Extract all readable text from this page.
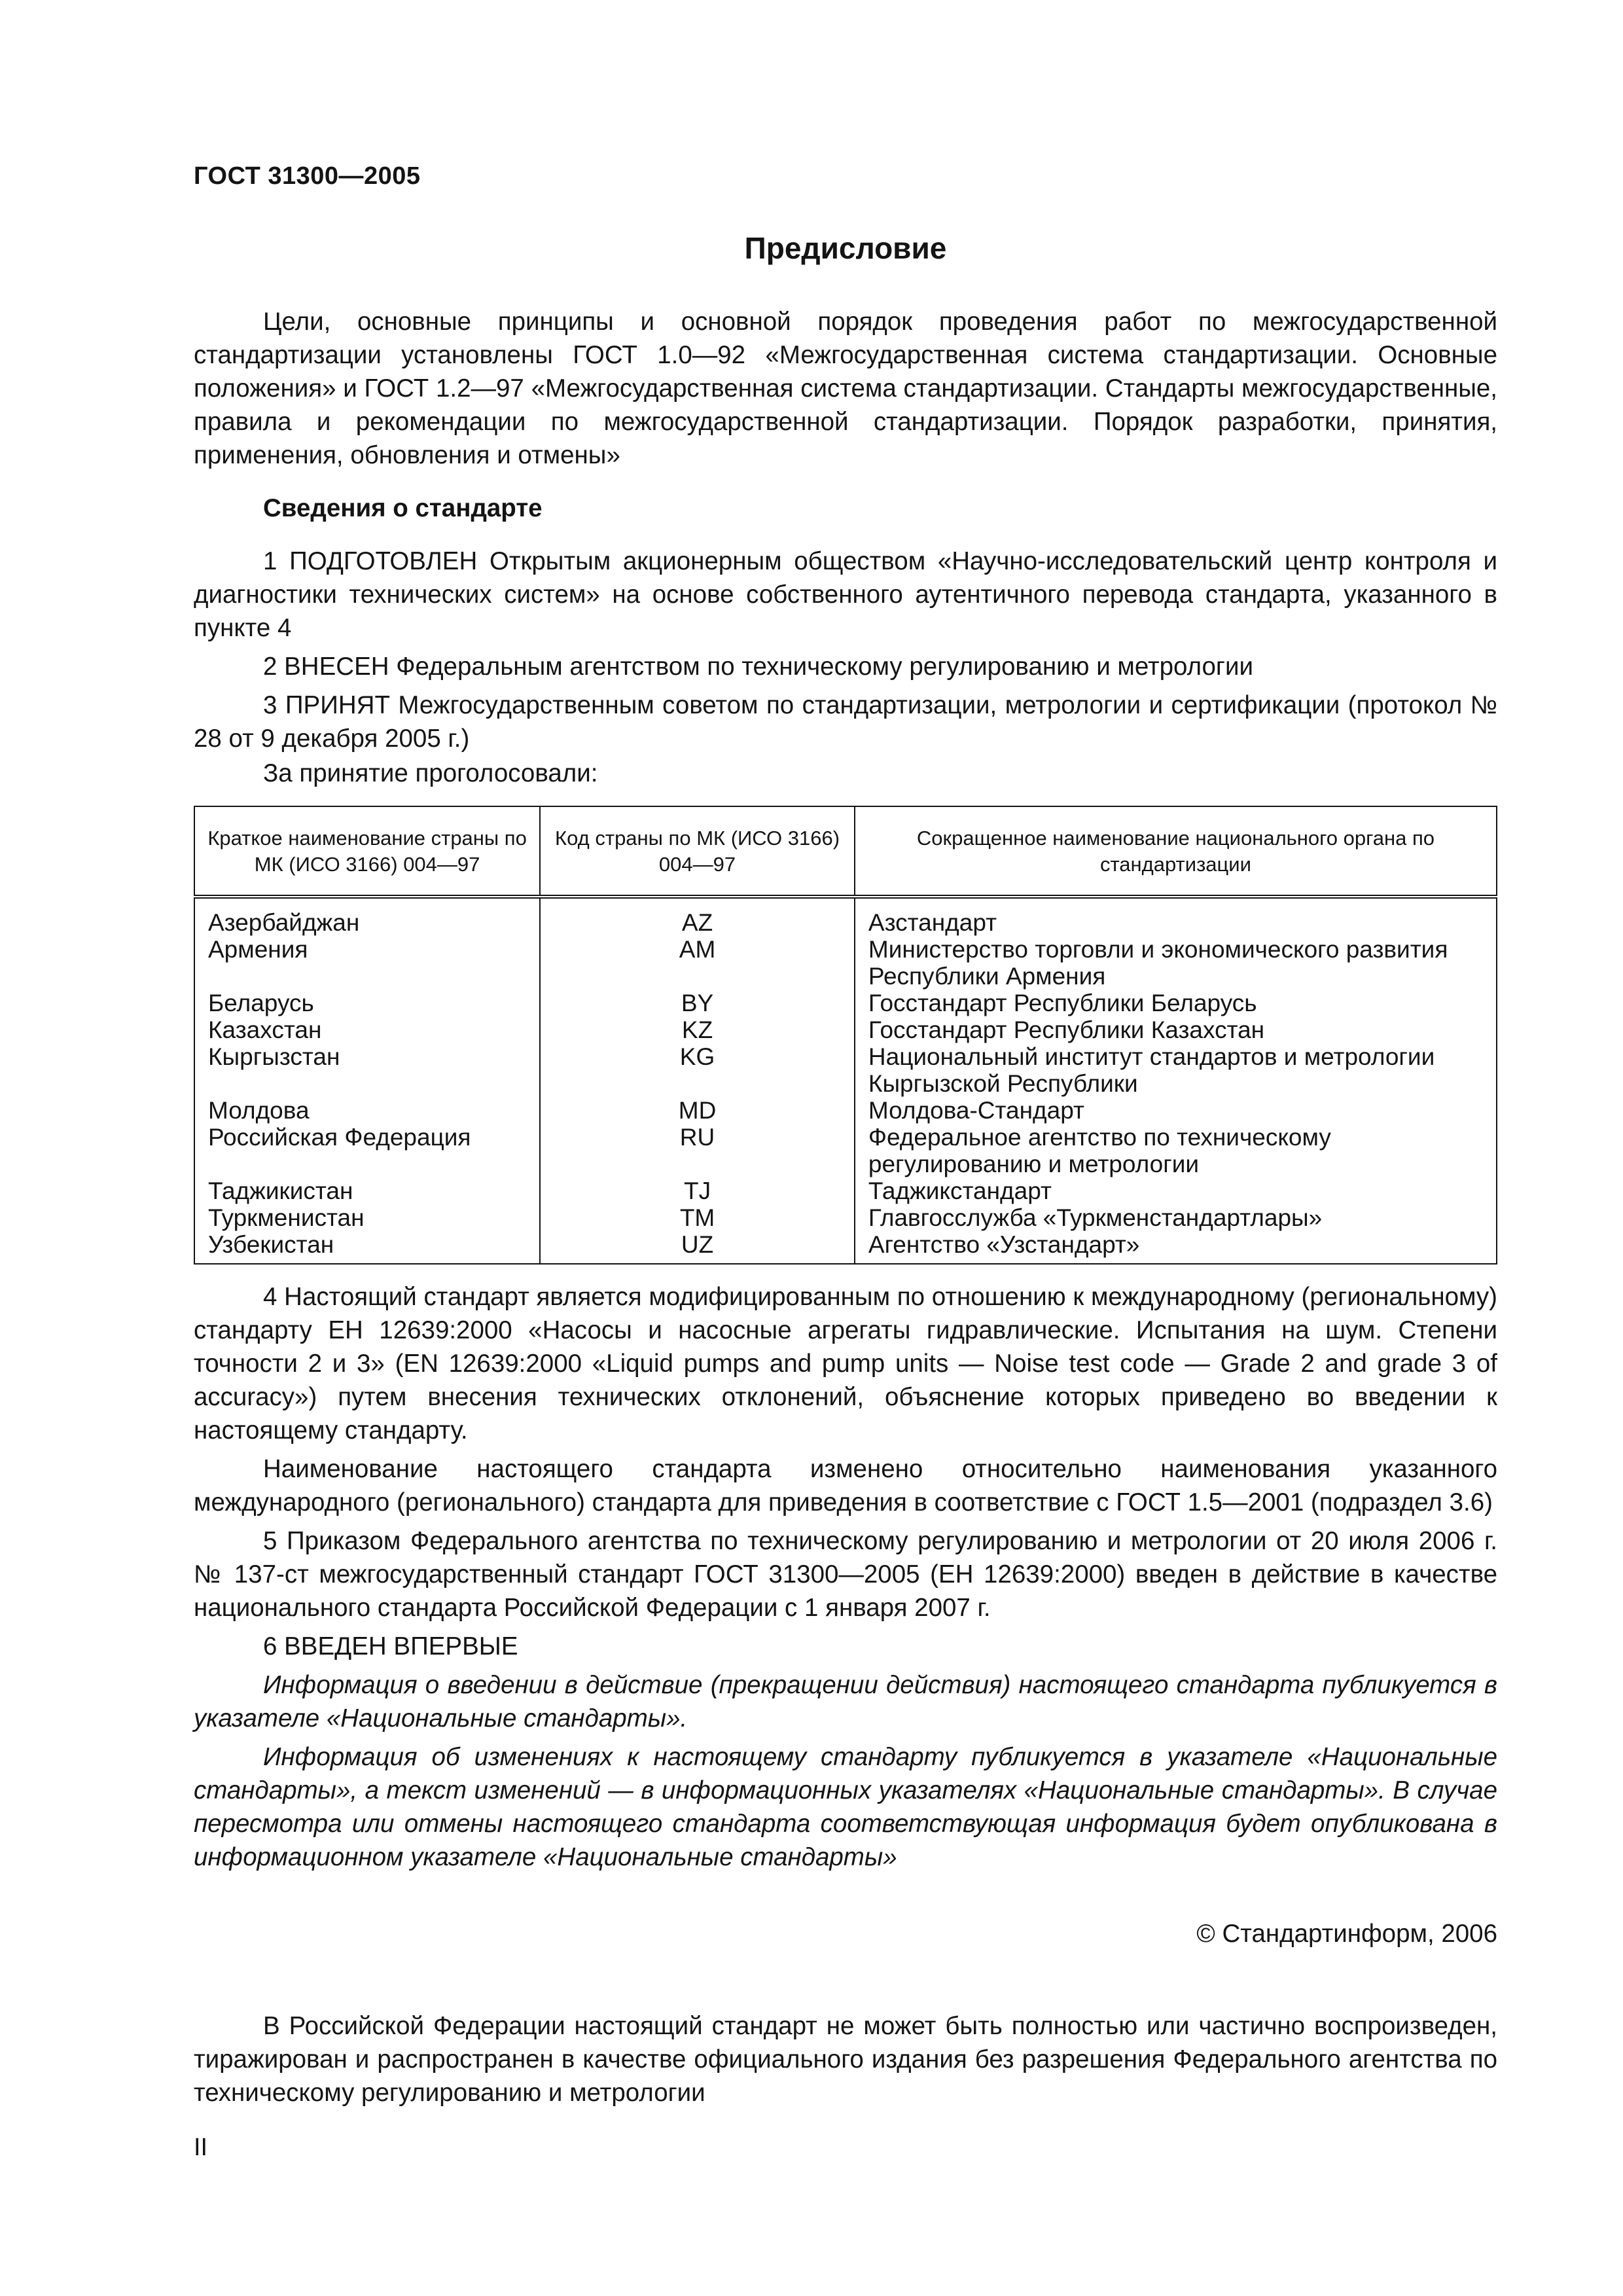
ГОСТ 31300—2005
Предисловие

Цели, основные принципы и основной порядок проведения работ по межгосударственной стандартизации установлены ГОСТ 1.0—92 «Межгосударственная система стандартизации. Основные положения» и ГОСТ 1.2—97 «Межгосударственная система стандартизации. Стандарты межгосударственные, правила и рекомендации по межгосударственной стандартизации. Порядок разработки, принятия, применения, обновления и отмены»

Сведения о стандарте

1 ПОДГОТОВЛЕН Открытым акционерным обществом «Научно-исследовательский центр контроля и диагностики технических систем» на основе собственного аутентичного перевода стандарта, указанного в пункте 4

2 ВНЕСЕН Федеральным агентством по техническому регулированию и метрологии

3 ПРИНЯТ Межгосударственным советом по стандартизации, метрологии и сертификации (протокол № 28 от 9 декабря 2005 г.)

За принятие проголосовали:

Краткое наименование страны по МК (ИСО 3166) 004—97	Код страны по МК (ИСО 3166) 004—97	Сокращенное наименование национального органа по стандартизации
Азербайджан	AZ	Азстандарт
Армения	AM	Министерство торговли и экономического развития Республики Армения
Беларусь	BY	Госстандарт Республики Беларусь
Казахстан	KZ	Госстандарт Республики Казахстан
Кыргызстан	KG	Национальный институт стандартов и метрологии Кыргызской Республики
Молдова	MD	Молдова-Стандарт
Российская Федерация	RU	Федеральное агентство по техническому регулированию и метрологии
Таджикистан	TJ	Таджикстандарт
Туркменистан	TM	Главгосслужба «Туркменстандартлары»
Узбекистан	UZ	Агентство «Узстандарт»

4 Настоящий стандарт является модифицированным по отношению к международному (региональному) стандарту ЕН 12639:2000 «Насосы и насосные агрегаты гидравлические. Испытания на шум. Степени точности 2 и 3» (EN 12639:2000 «Liquid pumps and pump units — Noise test code — Grade 2 and grade 3 of accuracy») путем внесения технических отклонений, объяснение которых приведено во введении к настоящему стандарту.

Наименование настоящего стандарта изменено относительно наименования указанного международного (регионального) стандарта для приведения в соответствие с ГОСТ 1.5—2001 (подраздел 3.6)

5 Приказом Федерального агентства по техническому регулированию и метрологии от 20 июля 2006 г. № 137-ст межгосударственный стандарт ГОСТ 31300—2005 (ЕН 12639:2000) введен в действие в качестве национального стандарта Российской Федерации с 1 января 2007 г.

6 ВВЕДЕН ВПЕРВЫЕ

Информация о введении в действие (прекращении действия) настоящего стандарта публикуется в указателе «Национальные стандарты».

Информация об изменениях к настоящему стандарту публикуется в указателе «Национальные стандарты», а текст изменений — в информационных указателях «Национальные стандарты». В случае пересмотра или отмены настоящего стандарта соответствующая информация будет опубликована в информационном указателе «Национальные стандарты»

© Стандартинформ, 2006

В Российской Федерации настоящий стандарт не может быть полностью или частично воспроизведен, тиражирован и распространен в качестве официального издания без разрешения Федерального агентства по техническому регулированию и метрологии

II
